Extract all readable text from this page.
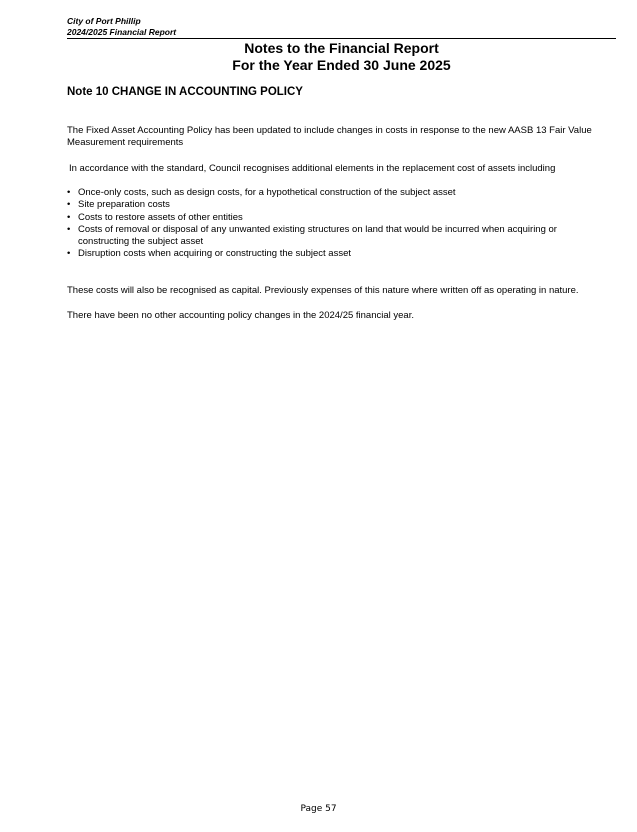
City of Port Phillip
2024/2025 Financial Report
Notes to the Financial Report
For the Year Ended 30 June 2025
Note 10 CHANGE IN ACCOUNTING POLICY
The Fixed Asset Accounting Policy has been updated to include changes in costs in response to the new AASB 13 Fair Value Measurement requirements
In accordance with the standard, Council recognises additional elements in the replacement cost of assets including
• Once-only costs, such as design costs, for a hypothetical construction of the subject asset
• Site preparation costs
• Costs to restore assets of other entities
• Costs of removal or disposal of any unwanted existing structures on land that would be incurred when acquiring or constructing the subject asset
• Disruption costs when acquiring or constructing the subject asset
These costs will also be recognised as capital. Previously expenses of this nature where written off as operating in nature.
There have been no other accounting policy changes in the 2024/25 financial year.
Page 57
